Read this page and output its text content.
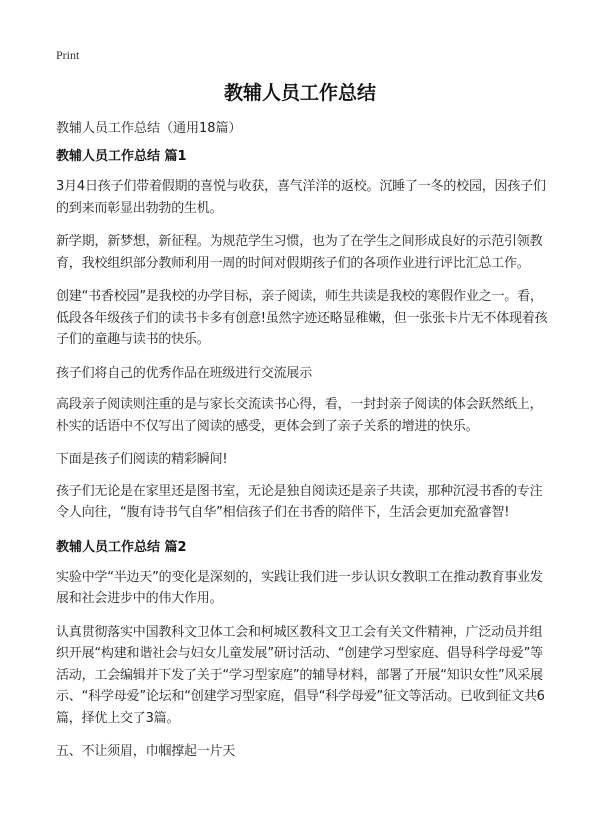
Print
教辅人员工作总结
教辅人员工作总结（通用18篇）
教辅人员工作总结 篇1

3月4日孩子们带着假期的喜悦与收获，喜气洋洋的返校。沉睡了一冬的校园，因孩子们的到来而彰显出勃勃的生机。

新学期，新梦想，新征程。为规范学生习惯，也为了在学生之间形成良好的示范引领教育，我校组织部分教师利用一周的时间对假期孩子们的各项作业进行评比汇总工作。

创建“书香校园”是我校的办学目标，亲子阅读，师生共读是我校的寒假作业之一。看，低段各年级孩子们的读书卡多有创意!虽然字迹还略显稚嫩，但一张张卡片无不体现着孩子们的童趣与读书的快乐。

孩子们将自己的优秀作品在班级进行交流展示

高段亲子阅读则注重的是与家长交流读书心得，看，一封封亲子阅读的体会跃然纸上，朴实的话语中不仅写出了阅读的感受，更体会到了亲子关系的增进的快乐。

下面是孩子们阅读的精彩瞬间!

孩子们无论是在家里还是图书室，无论是独自阅读还是亲子共读，那种沉浸书香的专注令人向往，“腹有诗书气自华”相信孩子们在书香的陪伴下，生活会更加充盈睿智!

教辅人员工作总结 篇2

实验中学“半边天”的变化是深刻的，实践让我们进一步认识女教职工在推动教育事业发展和社会进步中的伟大作用。

认真贯彻落实中国教科文卫体工会和柯城区教科文卫工会有关文件精神，广泛动员并组织开展“构建和谐社会与妇女儿童发展”研讨活动、“创建学习型家庭、倡导科学母爱”等活动，工会编辑并下发了关于“学习型家庭”的辅导材料，部署了开展“知识女性”风采展示、“科学母爱”论坛和“创建学习型家庭，倡导“科学母爱”征文等活动。已收到征文共6篇，择优上交了3篇。

五、不让须眉，巾帼撑起一片天
